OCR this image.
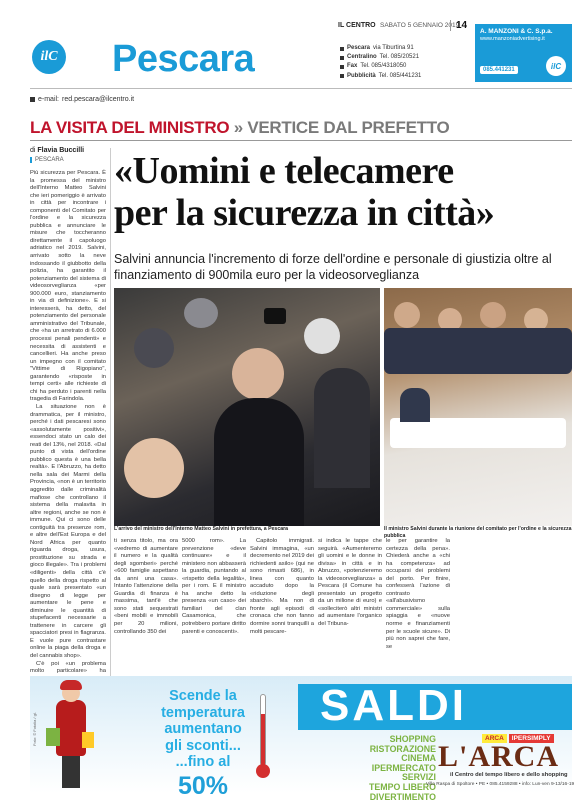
IL CENTRO SABATO 5 GENNAIO 2019
14
ilC Pescara	Pescara via Tiburtina 91
Centralino Tel. 085/20521
Fax Tel. 085/4318050
Pubblicità Tel. 085/441231
A. MANZONI & C. S.p.a.
www.manzoniadvertising.it
085.441231	ilC
e-mail: red.pescara@ilcentro.it
LA VISITA DEL MINISTRO » VERTICE DAL PREFETTO
di Flavia Buccilli
PESCARA «Uomini e telecamere
per la sicurezza in città»
Salvini annuncia l'incremento di forze dell'ordine e personale di giustizia oltre al finanziamento di 900mila euro per la videosorveglianza

Più sicurezza per Pescara. È la promessa del ministro dell'Interno Matteo Salvini che ieri pomeriggio è arrivato in città per incontrare i componenti del Comitato per l'ordine e la sicurezza pubblica e annunciare le misure che toccheranno direttamente il capoluogo adriatico nel 2019. Salvini, arrivato sotto la neve indossando il giubbotto della polizia, ha garantito il potenziamento del sistema di videosorveglianza «per 900.000 euro, stanziamento in via di definizione». E si interesserà, ha detto, del potenziamento del personale amministrativo del Tribunale, che «ha un arretrato di 6.000 processi penali pendenti» e necessita di assistenti e cancellieri. Ha anche preso un impegno con il comitato "Vittime di Rigopiano", garantendo «risposte in tempi certi» alle richieste di chi ha perduto i parenti nella tragedia di Farindola.

La situazione non è drammatica, per il ministro, perché i dati pescaresi sono «assolutamente positivi», essendoci stato un calo dei reati del 13%, nel 2018. «Dal punto di vista dell'ordine pubblico questa è una bella realtà». E l'Abruzzo, ha detto nella sala dei Marmi della Provincia, «non è un territorio aggredito dalle criminalità mafiose che controllano il sistema della malavita in altre regioni, anche se non è immune. Qui ci sono delle contiguità tra presenze rom, e altre dell'Est Europa e del Nord Africa per quanto riguarda droga, usura, prostituzione su strada e gioco illegale». Tra i problemi «diligenti» della città c'è quello della droga rispetto al quale sarà presentato «un disegno di legge per aumentare le pene e diminuire le quantità di stupefacenti necessarie a trattenere in carcere gli spacciatori presi in flagranza. E vuole pure contrastare online la piaga della droga e del cannabis shop».

C'è poi «un problema molto particolare» ha

L'arrivo del ministro dell'Interno Matteo Salvini in prefettura, a Pescara	Il ministro Salvini durante la riunione del comitato per l'ordine e la sicurezza pubblica

ti senza titolo, ma ora «vedremo di aumentare il numero e la qualità degli sgomberi» perché «600 famiglie aspettano da anni una casa». Intanto l'attenzione della Guardia di finanza è massima, tant'è che sono stati sequestrati «beni mobili e immobili per 20 milioni, controllando 350 dei

5000 rom». La prevenzione «deve continuare» e il ministero non abbasserà la guardia, puntando al «rispetto della legalità», per i rom. E il ministro ha anche detto la presenza «un caso» dei familiari del clan Casamonica, che potrebbero portare diritto parenti e conoscenti».

Capitolo immigrati. Salvini immagina, «un decremento nel 2019 dei richiedenti asilo» (qui ne sono rimasti 686), in linea con quanto accaduto dopo la «riduzione degli sbarchi». Ma non di fronte agli episodi di cronaca che non fanno dormire sonni tranquilli a molti pescare-

si indica le tappe che seguirà. «Aumenteremo gli uomini e le donne in divisa» in città e in Abruzzo, «potenzieremo la videosorveglianza» a Pescara (il Comune ha presentato un progetto da un milione di euro) e «solleciterò altri ministri ad aumentare l'organico del Tribuna-

le per garantire la certezza della pena». Chiederà anche a «chi ha competenza» ad occuparsi dei problemi del porto. Per finire, confesserà l'azione di contrasto «all'abusivismo commerciale» sulla spiaggia e «nuove norme e finanziamenti per le scuole sicure». Di più non saprei che fare, se

Foto: © Fotolia / gl.
Scende la
temperatura
aumentano
gli sconti...
...fino al
50%
SALDI
ARCA	IPERSIMPLY
SHOPPING
RISTORAZIONE
CINEMA
IPERMERCATO
SERVIZI
TEMPO LIBERO
DIVERTIMENTO
L'ARCA
il Centro del tempo libero e dello shopping
Villa Raspa di Spoltore • PE • 085.4159288 • info: Lun-ven 9-13/16-19
